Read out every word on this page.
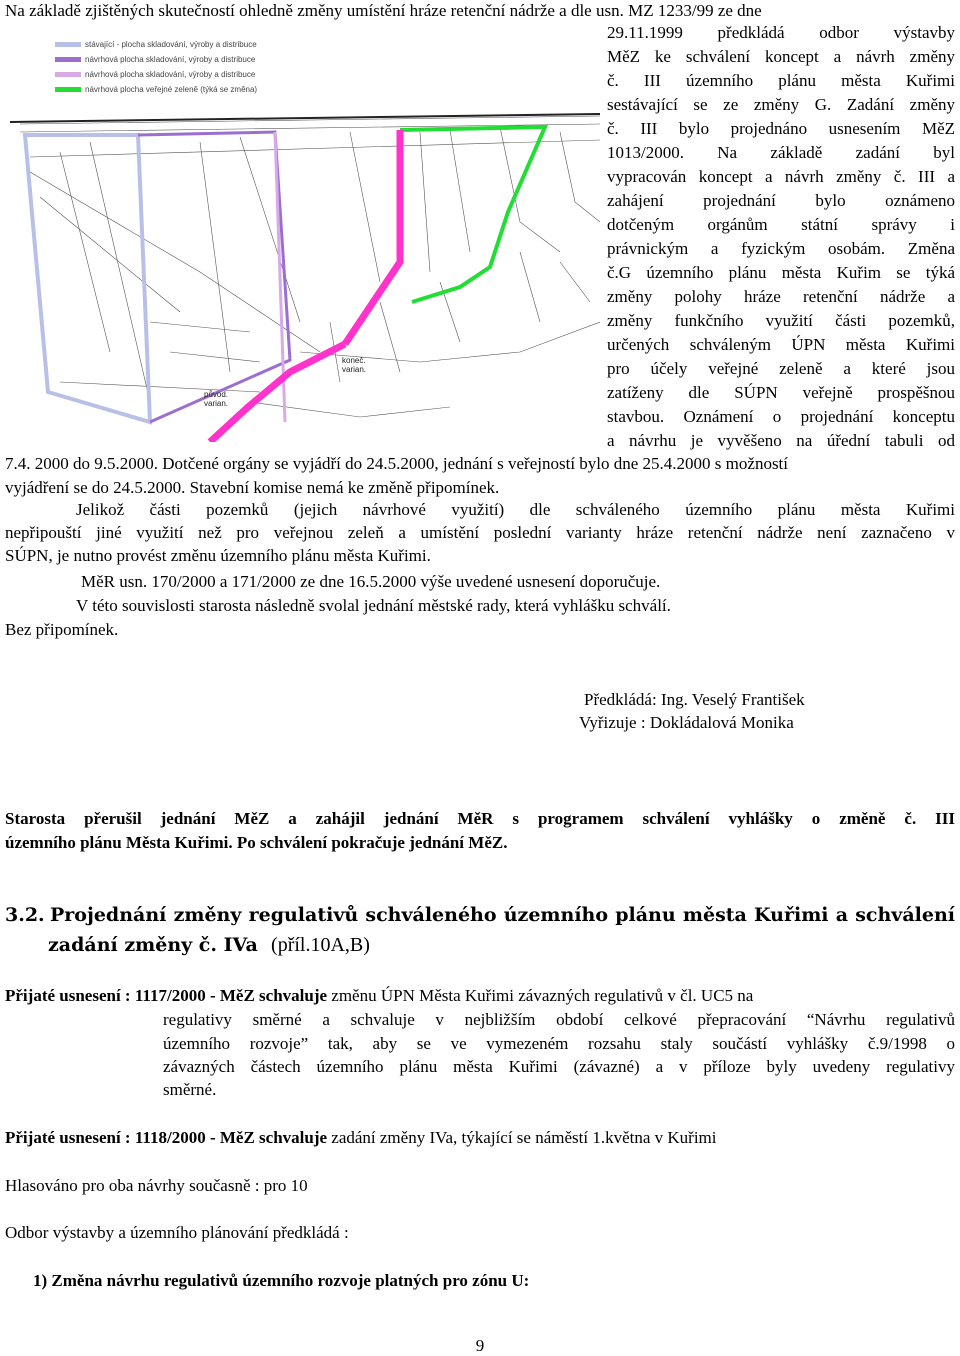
Na základě zjištěných skutečností ohledně změny umístění hráze retenční nádrže a dle usn. MZ 1233/99 ze dne
stávající - plocha skladování, výroby a distribuce
návrhová plocha skladování, výroby a distribuce
návrhová plocha skladování, výroby a distribuce
návrhová plocha veřejné zeleně (týká se změna)
koneč.
varian.
původ.
varian.
29.11.1999 předkládá odbor výstavby
MěZ ke schválení koncept a návrh změny
č. III územního plánu města Kuřimi
sestávající se ze změny G. Zadání změny
č. III bylo projednáno usnesením MěZ
1013/2000. Na základě zadání byl
vypracován koncept a návrh změny č. III a
zahájení projednání bylo oznámeno
dotčeným orgánům státní správy i
právnickým a fyzickým osobám. Změna
č.G územního plánu města Kuřim se týká
změny polohy hráze retenční nádrže a
změny funkčního využití části pozemků,
určených schváleným ÚPN města Kuřimi
pro účely veřejné zeleně a které jsou
zatíženy dle SÚPN veřejně prospěšnou
stavbou. Oznámení o projednání konceptu
a návrhu je vyvěšeno na úřední tabuli od
7.4. 2000 do 9.5.2000. Dotčené orgány se vyjádří do 24.5.2000, jednání s veřejností bylo dne 25.4.2000 s možností
vyjádření se do 24.5.2000. Stavební komise nemá ke změně připomínek.
Jelikož části pozemků (jejich návrhové využití) dle schváleného územního plánu města Kuřimi
nepřipouští jiné využití než pro veřejnou zeleň a umístění poslední varianty hráze retenční nádrže není zaznačeno v
SÚPN, je nutno provést změnu územního plánu města Kuřimi.
MěR usn. 170/2000 a 171/2000 ze dne 16.5.2000 výše uvedené usnesení doporučuje.
V této souvislosti starosta následně svolal jednání městské rady, která vyhlášku schválí.
Bez připomínek.
Předkládá: Ing. Veselý František
Vyřizuje : Dokládalová Monika
Starosta přerušil jednání MěZ a zahájil jednání MěR s programem schválení vyhlášky o změně č. III
územního plánu Města Kuřimi. Po schválení pokračuje jednání MěZ.
3.2. Projednání změny regulativů schváleného územního plánu města Kuřimi a schválení
zadání změny č. IVa (příl.10A,B)
Přijaté usnesení : 1117/2000 - MěZ schvaluje změnu ÚPN Města Kuřimi závazných regulativů v čl. UC5 na
regulativy směrné a schvaluje v nejbližším období celkové přepracování “Návrhu regulativů
územního rozvoje” tak, aby se ve vymezeném rozsahu staly součástí vyhlášky č.9/1998 o
závazných částech územního plánu města Kuřimi (závazné) a v příloze byly uvedeny regulativy
směrné.
Přijaté usnesení : 1118/2000 - MěZ schvaluje zadání změny IVa, týkající se náměstí 1.května v Kuřimi
Hlasováno pro oba návrhy současně : pro 10
Odbor výstavby a územního plánování předkládá :
1) Změna návrhu regulativů územního rozvoje platných pro zónu U:
9
